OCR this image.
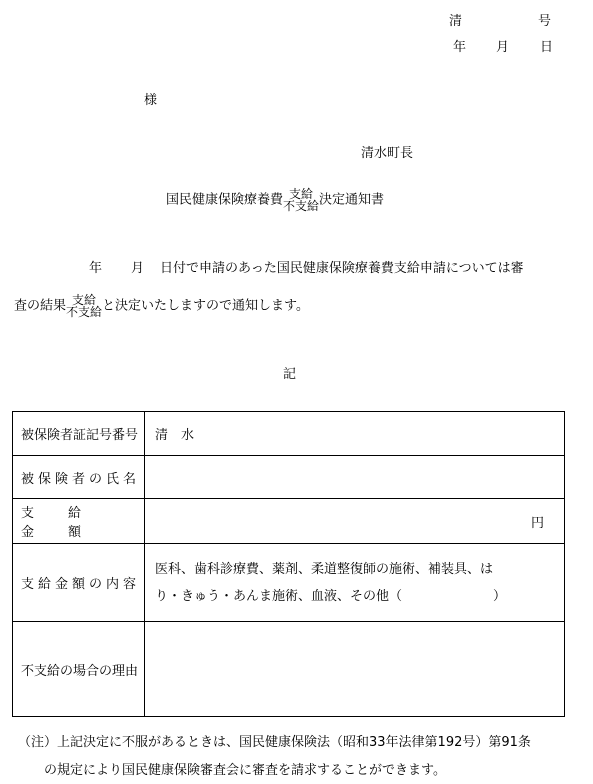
清	号
年 月 日
様
清水町長
国民健康保険療養費 支給
不支給 決定通知書
年 月 日付で申請のあった国民健康保険療養費支給申請については審
査の結果 支給
不支給 と決定いたしますので通知します。
記
被保険者証記号番号	清　水
被保険者の氏名	
支給金額	円
支給金額の内容	医科、歯科診療費、薬剤、柔道整復師の施術、補装具、は
り・きゅう・あんま施術、血液、その他（　　　　　　　）

不支給の場合の理由	
（注）上記決定に不服があるときは、国民健康保険法（昭和33年法律第192号）第91条
の規定により国民健康保険審査会に審査を請求することができます。
